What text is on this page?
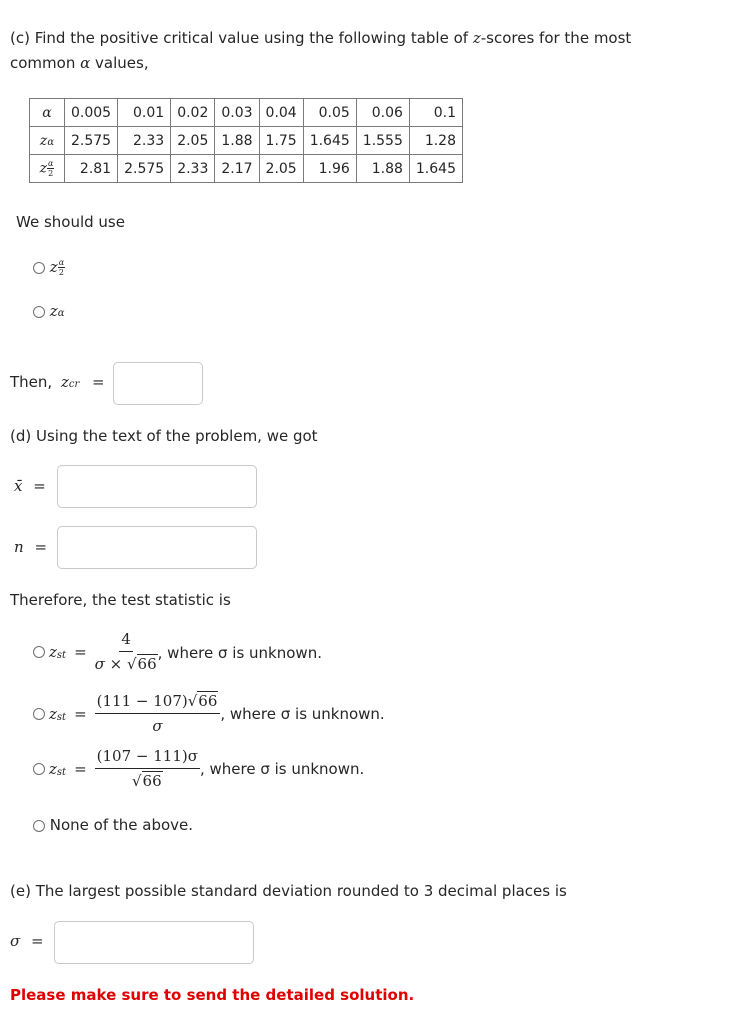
(c) Find the positive critical value using the following table of z-scores for the most
common α values,
α	0.005	0.01	0.02	0.03	0.04	0.05	0.06	0.1
zα	2.575	2.33	2.05	1.88	1.75	1.645	1.555	1.28
z $\frac{\alpha}{2}$	2.81	2.575	2.33	2.17	2.05	1.96	1.88	1.645
We should use
z $\frac{\alpha}{2}$
zα
Then, zcr =
(d) Using the text of the problem, we got
x̄ =
n =
Therefore, the test statistic is
z st = $\frac{4}{\sigma \times √66}$ , where σ is unknown.
z st = $\frac{(111 - 107)√66}{\sigma}$ , where σ is unknown.
z st = $\frac{(107 - 111)\sigma}{√66}$ , where σ is unknown.
None of the above.
(e) The largest possible standard deviation rounded to 3 decimal places is
σ =
Please make sure to send the detailed solution.
